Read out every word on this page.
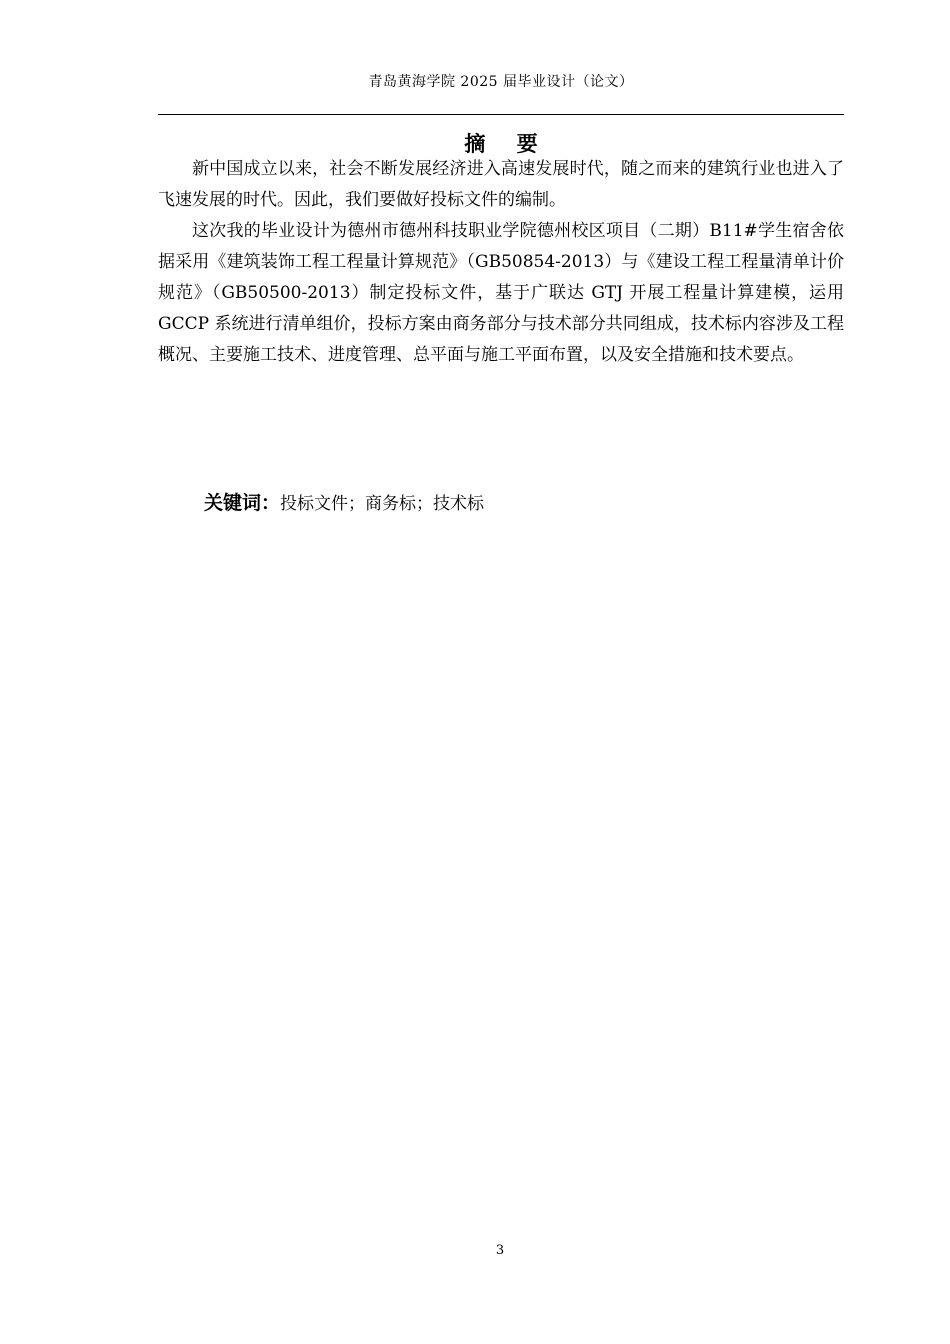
青岛黄海学院 2025 届毕业设计（论文）
摘 要

新中国成立以来，社会不断发展经济进入高速发展时代，随之而来的建筑行业也进入了飞速发展的时代。因此，我们要做好投标文件的编制。

这次我的毕业设计为德州市德州科技职业学院德州校区项目（二期）B11#学生宿舍依据采用《建筑装饰工程工程量计算规范》（GB50854-2013）与《建设工程工程量清单计价规范》（GB50500-2013）制定投标文件，基于广联达 GTJ 开展工程量计算建模，运用 GCCP 系统进行清单组价，投标方案由商务部分与技术部分共同组成，技术标内容涉及工程概况、主要施工技术、进度管理、总平面与施工平面布置，以及安全措施和技术要点。

关键词：投标文件；商务标；技术标
3
